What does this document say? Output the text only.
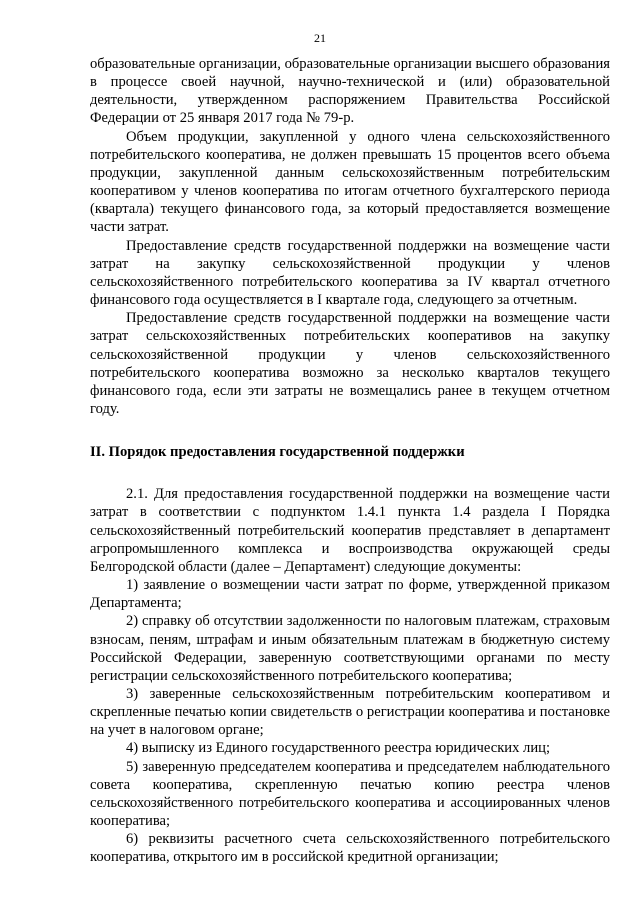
21

образовательные организации, образовательные организации высшего образования в процессе своей научной, научно-технической и (или) образовательной деятельности, утвержденном распоряжением Правительства Российской Федерации от 25 января 2017 года № 79-р.

Объем продукции, закупленной у одного члена сельскохозяйственного потребительского кооператива, не должен превышать 15 процентов всего объема продукции, закупленной данным сельскохозяйственным потребительским кооперативом у членов кооператива по итогам отчетного бухгалтерского периода (квартала) текущего финансового года, за который предоставляется возмещение части затрат.

Предоставление средств государственной поддержки на возмещение части затрат на закупку сельскохозяйственной продукции у членов сельскохозяйственного потребительского кооператива за IV квартал отчетного финансового года осуществляется в I квартале года, следующего за отчетным.

Предоставление средств государственной поддержки на возмещение части затрат сельскохозяйственных потребительских кооперативов на закупку сельскохозяйственной продукции у членов сельскохозяйственного потребительского кооператива возможно за несколько кварталов текущего финансового года, если эти затраты не возмещались ранее в текущем отчетном году.

II. Порядок предоставления государственной поддержки

2.1. Для предоставления государственной поддержки на возмещение части затрат в соответствии с подпунктом 1.4.1 пункта 1.4 раздела I Порядка сельскохозяйственный потребительский кооператив представляет в департамент агропромышленного комплекса и воспроизводства окружающей среды Белгородской области (далее – Департамент) следующие документы:

1) заявление о возмещении части затрат по форме, утвержденной приказом Департамента;

2) справку об отсутствии задолженности по налоговым платежам, страховым взносам, пеням, штрафам и иным обязательным платежам в бюджетную систему Российской Федерации, заверенную соответствующими органами по месту регистрации сельскохозяйственного потребительского кооператива;

3) заверенные сельскохозяйственным потребительским кооперативом и скрепленные печатью копии свидетельств о регистрации кооператива и постановке на учет в налоговом органе;

4) выписку из Единого государственного реестра юридических лиц;

5) заверенную председателем кооператива и председателем наблюдательного совета кооператива, скрепленную печатью копию реестра членов сельскохозяйственного потребительского кооператива и ассоциированных членов кооператива;

6) реквизиты расчетного счета сельскохозяйственного потребительского кооператива, открытого им в российской кредитной организации;
